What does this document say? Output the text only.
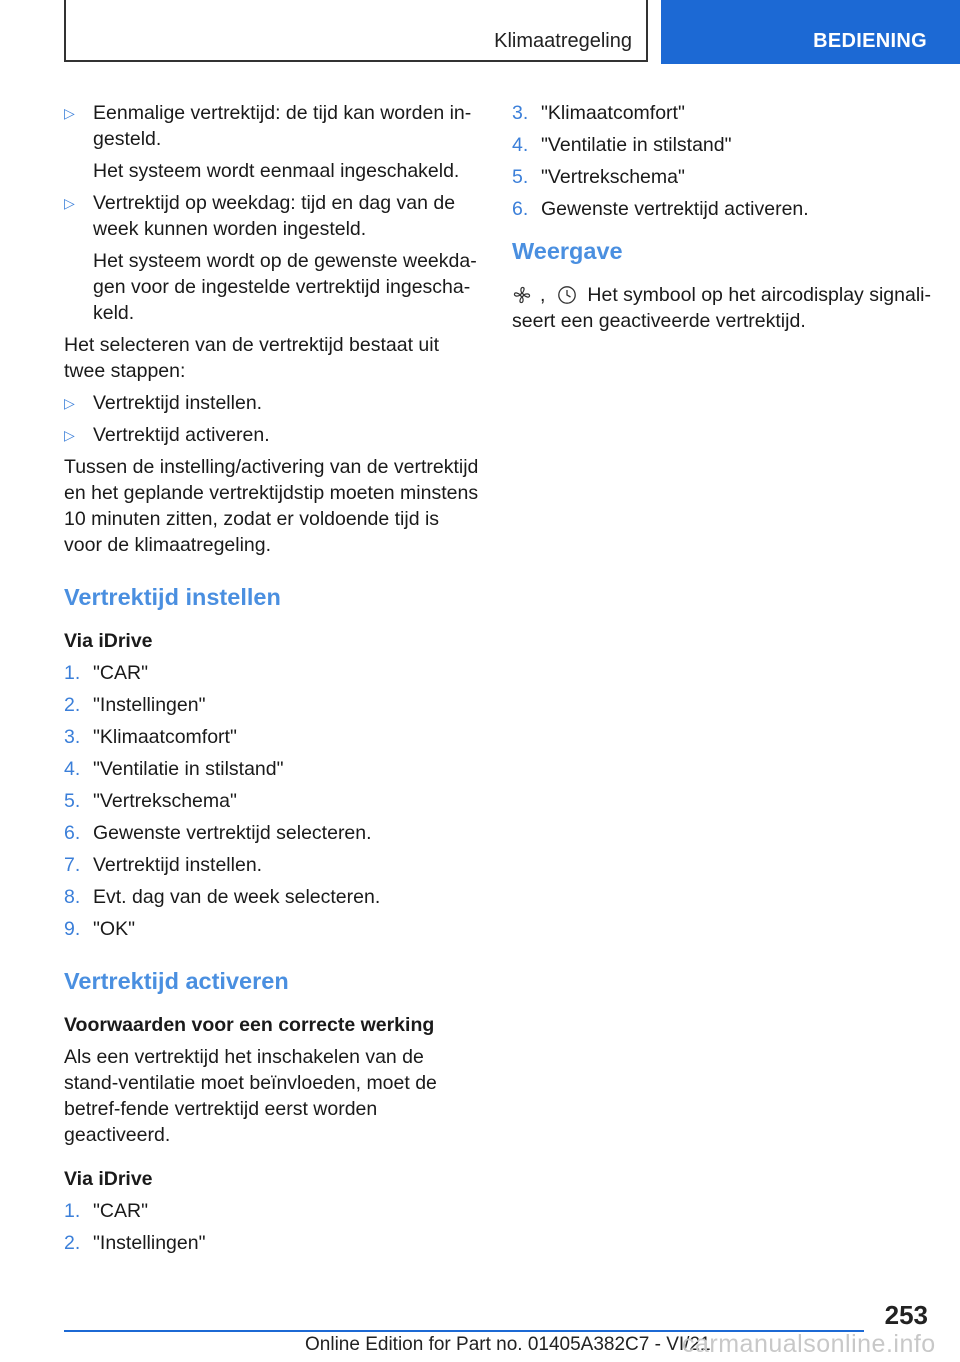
Klimaatregeling	BEDIENING
▷ Eenmalige vertrektijd: de tijd kan worden in-gesteld.

Het systeem wordt eenmaal ingeschakeld.

▷ Vertrektijd op weekdag: tijd en dag van de week kunnen worden ingesteld.

Het systeem wordt op de gewenste weekda-gen voor de ingestelde vertrektijd ingescha-keld.

Het selecteren van de vertrektijd bestaat uit twee stappen:

▷ Vertrektijd instellen.

▷ Vertrektijd activeren.

Tussen de instelling/activering van de vertrektijd en het geplande vertrektijdstip moeten minstens 10 minuten zitten, zodat er voldoende tijd is voor de klimaatregeling.

Vertrektijd instellen

Via iDrive

1. "CAR"
2. "Instellingen"
3. "Klimaatcomfort"
4. "Ventilatie in stilstand"
5. "Vertrekschema"
6. Gewenste vertrektijd selecteren.
7. Vertrektijd instellen.
8. Evt. dag van de week selecteren.
9. "OK"
Vertrektijd activeren

Voorwaarden voor een correcte werking

Als een vertrektijd het inschakelen van de stand-ventilatie moet beïnvloeden, moet de betref-fende vertrektijd eerst worden geactiveerd.

Via iDrive

1. "CAR"
2. "Instellingen"
3. "Klimaatcomfort"
4. "Ventilatie in stilstand"
5. "Vertrekschema"
6. Gewenste vertrektijd activeren.
Weergave
, Het symbool op het aircodisplay signali-

seert een geactiveerde vertrektijd.

253
Online Edition for Part no. 01405A382C7 - VI/21
carmanualsonline.info
